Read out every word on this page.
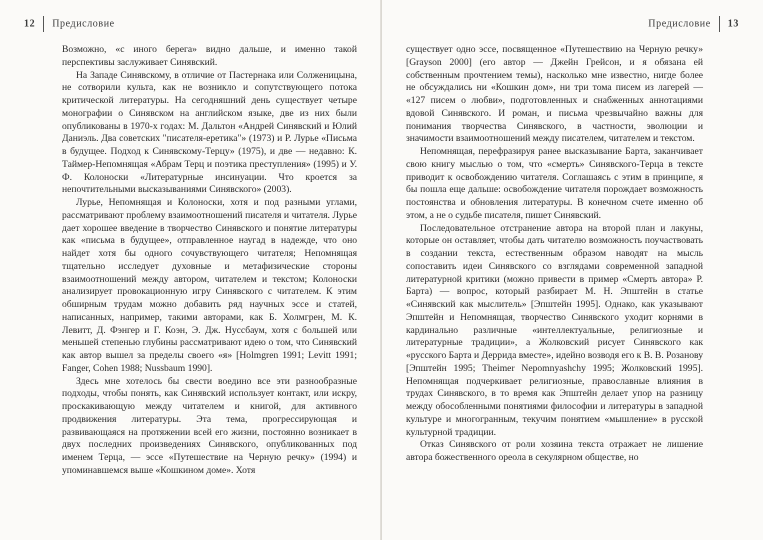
12 Предисловие

Возможно, «с иного берега» видно дальше, и именно такой перспективы заслуживает Синявский.

На Западе Синявскому, в отличие от Пастернака или Солженицына, не сотворили культа, как не возникло и сопутствующего потока критической литературы. На сегодняшний день существует четыре монографии о Синявском на английском языке, две из них были опубликованы в 1970-х годах: М. Дальтон «Андрей Синявский и Юлий Даниэль. Два советских "писателя-еретика"» (1973) и Р. Лурье «Письма в будущее. Подход к Синявскому-Терцу» (1975), и две — недавно: К. Таймер-Непомнящая «Абрам Терц и поэтика преступления» (1995) и У. Ф. Колоноски «Литературные инсинуации. Что кроется за непочтительными высказываниями Синявского» (2003).

Лурье, Непомнящая и Колоноски, хотя и под разными углами, рассматривают проблему взаимоотношений писателя и читателя. Лурье дает хорошее введение в творчество Синявского и понятие литературы как «письма в будущее», отправленное наугад в надежде, что оно найдет хотя бы одного сочувствующего читателя; Непомнящая тщательно исследует духовные и метафизические стороны взаимоотношений между автором, читателем и текстом; Колоноски анализирует провокационную игру Синявского с читателем. К этим обширным трудам можно добавить ряд научных эссе и статей, написанных, например, такими авторами, как Б. Холмгрен, М. К. Левитт, Д. Фэнгер и Г. Коэн, Э. Дж. Нуссбаум, хотя с большей или меньшей степенью глубины рассматривают идею о том, что Синявский как автор вышел за пределы своего «я» [Holmgren 1991; Levitt 1991; Fanger, Cohen 1988; Nussbaum 1990].

Здесь мне хотелось бы свести воедино все эти разнообразные подходы, чтобы понять, как Синявский использует контакт, или искру, проскакивающую между читателем и книгой, для активного продвижения литературы. Эта тема, прогрессирующая и развивающаяся на протяжении всей его жизни, постоянно возникает в двух последних произведениях Синявского, опубликованных под именем Терца, — эссе «Путешествие на Черную речку» (1994) и упоминавшемся выше «Кошкином доме». Хотя

Предисловие 13

существует одно эссе, посвященное «Путешествию на Черную речку» [Grayson 2000] (его автор — Джейн Грейсон, и я обязана ей собственным прочтением темы), насколько мне известно, нигде более не обсуждались ни «Кошкин дом», ни три тома писем из лагерей — «127 писем о любви», подготовленных и снабженных аннотациями вдовой Синявского. И роман, и письма чрезвычайно важны для понимания творчества Синявского, в частности, эволюции и значимости взаимоотношений между писателем, читателем и текстом.

Непомнящая, перефразируя ранее высказывание Барта, заканчивает свою книгу мыслью о том, что «смерть» Синявского-Терца в тексте приводит к освобождению читателя. Соглашаясь с этим в принципе, я бы пошла еще дальше: освобождение читателя порождает возможность постоянства и обновления литературы. В конечном счете именно об этом, а не о судьбе писателя, пишет Синявский.

Последовательное отстранение автора на второй план и лакуны, которые он оставляет, чтобы дать читателю возможность поучаствовать в создании текста, естественным образом наводят на мысль сопоставить идеи Синявского со взглядами современной западной литературной критики (можно привести в пример «Смерть автора» Р. Барта) — вопрос, который разбирает М. Н. Эпштейн в статье «Синявский как мыслитель» [Эпштейн 1995]. Однако, как указывают Эпштейн и Непомнящая, творчество Синявского уходит корнями в кардинально различные «интеллектуальные, религиозные и литературные традиции», а Жолковский рисует Синявского как «русского Барта и Деррида вместе», идейно возводя его к В. В. Розанову [Эпштейн 1995; Theimer Nepomnyashchy 1995; Жолковский 1995]. Непомнящая подчеркивает религиозные, православные влияния в трудах Синявского, в то время как Эпштейн делает упор на разницу между обособленными понятиями философии и литературы в западной культуре и многогранным, текучим понятием «мышление» в русской культурной традиции.

Отказ Синявского от роли хозяина текста отражает не лишение автора божественного ореола в секулярном обществе, но
